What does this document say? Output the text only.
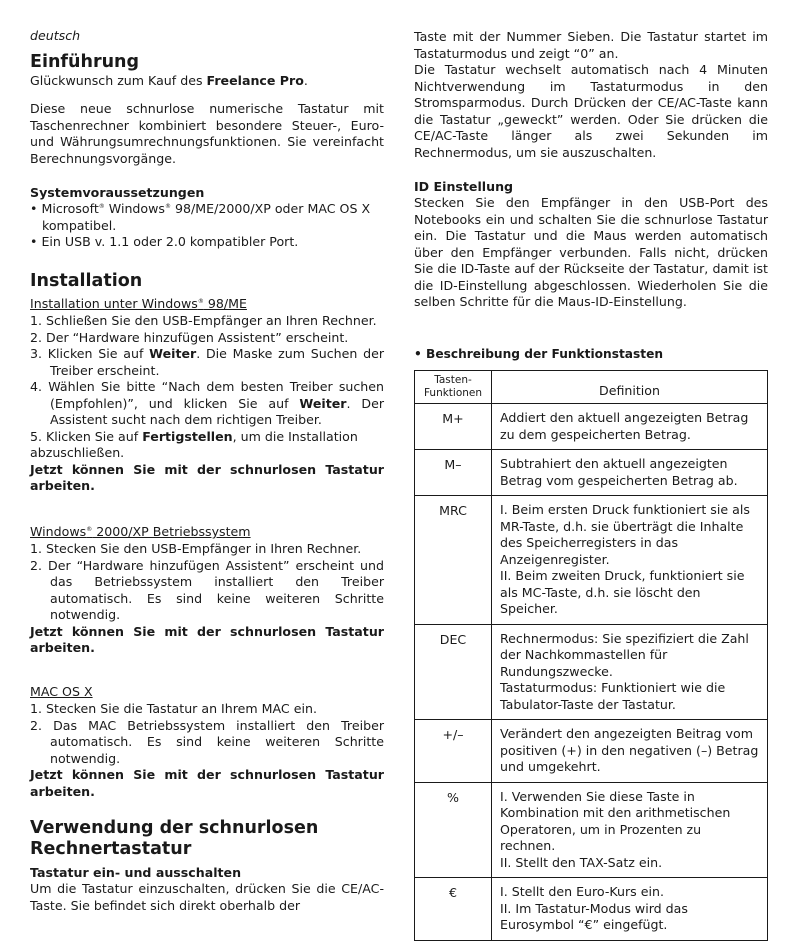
deutsch
Einführung

Glückwunsch zum Kauf des Freelance Pro.

Diese neue schnurlose numerische Tastatur mit Taschenrechner kombiniert besondere Steuer-, Euro- und Währungsumrechnungsfunktionen. Sie vereinfacht Berechnungsvorgänge.

Systemvoraussetzungen

• Microsoft® Windows® 98/ME/2000/XP oder MAC OS X kompatibel.

• Ein USB v. 1.1 oder 2.0 kompatibler Port.

Installation

Installation unter Windows® 98/ME

1. Schließen Sie den USB-Empfänger an Ihren Rechner.

2. Der “Hardware hinzufügen Assistent” erscheint.

3. Klicken Sie auf Weiter. Die Maske zum Suchen der Treiber erscheint.

4. Wählen Sie bitte “Nach dem besten Treiber suchen (Empfohlen)”, und klicken Sie auf Weiter. Der Assistent sucht nach dem richtigen Treiber.

5. Klicken Sie auf Fertigstellen, um die Installation abzuschließen.

Jetzt können Sie mit der schnurlosen Tastatur arbeiten.

Windows® 2000/XP Betriebssystem

1. Stecken Sie den USB-Empfänger in Ihren Rechner.

2. Der “Hardware hinzufügen Assistent” erscheint und das Betriebssystem installiert den Treiber automatisch. Es sind keine weiteren Schritte notwendig.

Jetzt können Sie mit der schnurlosen Tastatur arbeiten.

MAC OS X

1. Stecken Sie die Tastatur an Ihrem MAC ein.

2. Das MAC Betriebssystem installiert den Treiber automatisch. Es sind keine weiteren Schritte notwendig.

Jetzt können Sie mit der schnurlosen Tastatur arbeiten.

Verwendung der schnurlosen
Rechnertastatur

Tastatur ein- und ausschalten

Um die Tastatur einzuschalten, drücken Sie die CE/AC-Taste. Sie befindet sich direkt oberhalb der

Taste mit der Nummer Sieben. Die Tastatur startet im Tastaturmodus und zeigt “0” an.

Die Tastatur wechselt automatisch nach 4 Minuten Nichtverwendung im Tastaturmodus in den Stromsparmodus. Durch Drücken der CE/AC-Taste kann die Tastatur „geweckt” werden. Oder Sie drücken die CE/AC-Taste länger als zwei Sekunden im Rechnermodus, um sie auszuschalten.

ID Einstellung

Stecken Sie den Empfänger in den USB-Port des Notebooks ein und schalten Sie die schnurlose Tastatur ein. Die Tastatur und die Maus werden automatisch über den Empfänger verbunden. Falls nicht, drücken Sie die ID-Taste auf der Rückseite der Tastatur, damit ist die ID-Einstellung abgeschlossen. Wiederholen Sie die selben Schritte für die Maus-ID-Einstellung.

• Beschreibung der Funktionstasten

Tasten-
Funktionen	Definition
M+	Addiert den aktuell angezeigten Betrag zu dem gespeicherten Betrag.

M–	Subtrahiert den aktuell angezeigten Betrag vom gespeicherten Betrag ab.

MRC	I. Beim ersten Druck funktioniert sie als MR-Taste, d.h. sie überträgt die Inhalte des Speicherregisters in das Anzeigenregister.
II. Beim zweiten Druck, funktioniert sie als MC-Taste, d.h. sie löscht den Speicher.

DEC	Rechnermodus: Sie spezifiziert die Zahl der Nachkommastellen für Rundungszwecke.
Tastaturmodus: Funktioniert wie die Tabulator-Taste der Tastatur.

+/–	Verändert den angezeigten Beitrag vom positiven (+) in den negativen (–) Betrag und umgekehrt.

%	I. Verwenden Sie diese Taste in Kombination mit den arithmetischen Operatoren, um in Prozenten zu rechnen.
II. Stellt den TAX-Satz ein.

€	I. Stellt den Euro-Kurs ein.
II. Im Tastatur-Modus wird das Eurosymbol “€” eingefügt.
